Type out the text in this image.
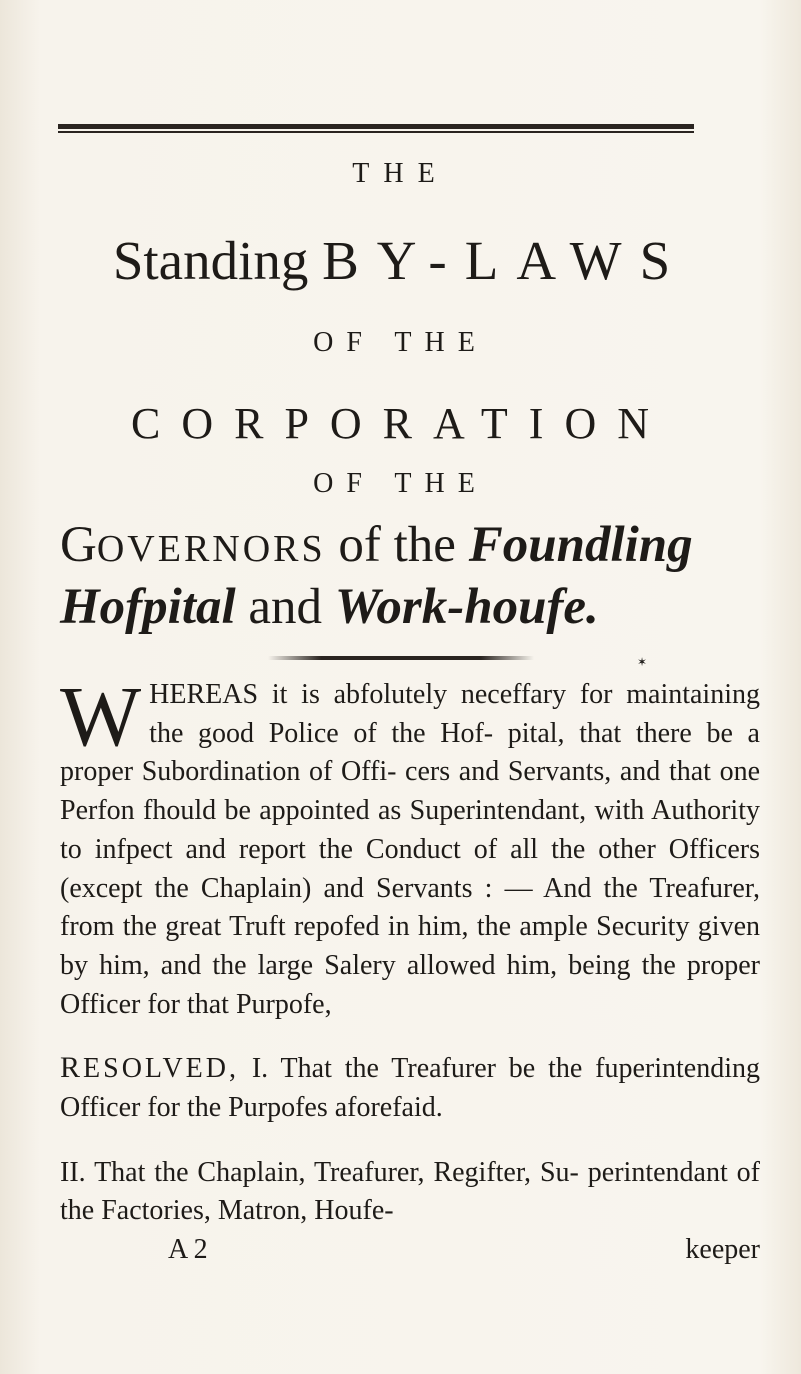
THE
Standing BY-LAWS
OF THE
CORPORATION
OF THE
GOVERNORS of the Foundling
Hofpital and Work-houfe.
✶

WHEREAS it is abfolutely neceffary for maintaining the good Police of the Hof- pital, that there be a proper Subordination of Offi- cers and Servants, and that one Perfon fhould be appointed as Superintendant, with Authority to infpect and report the Conduct of all the other Officers (except the Chaplain) and Servants : — And the Treafurer, from the great Truft repofed in him, the ample Security given by him, and the large Salery allowed him, being the proper Officer for that Purpofe,

RESOLVED, I. That the Treafurer be the fuperintending Officer for the Purpofes aforefaid.

II. That the Chaplain, Treafurer, Regifter, Su- perintendant of the Factories, Matron, Houfe-

A 2	keeper
